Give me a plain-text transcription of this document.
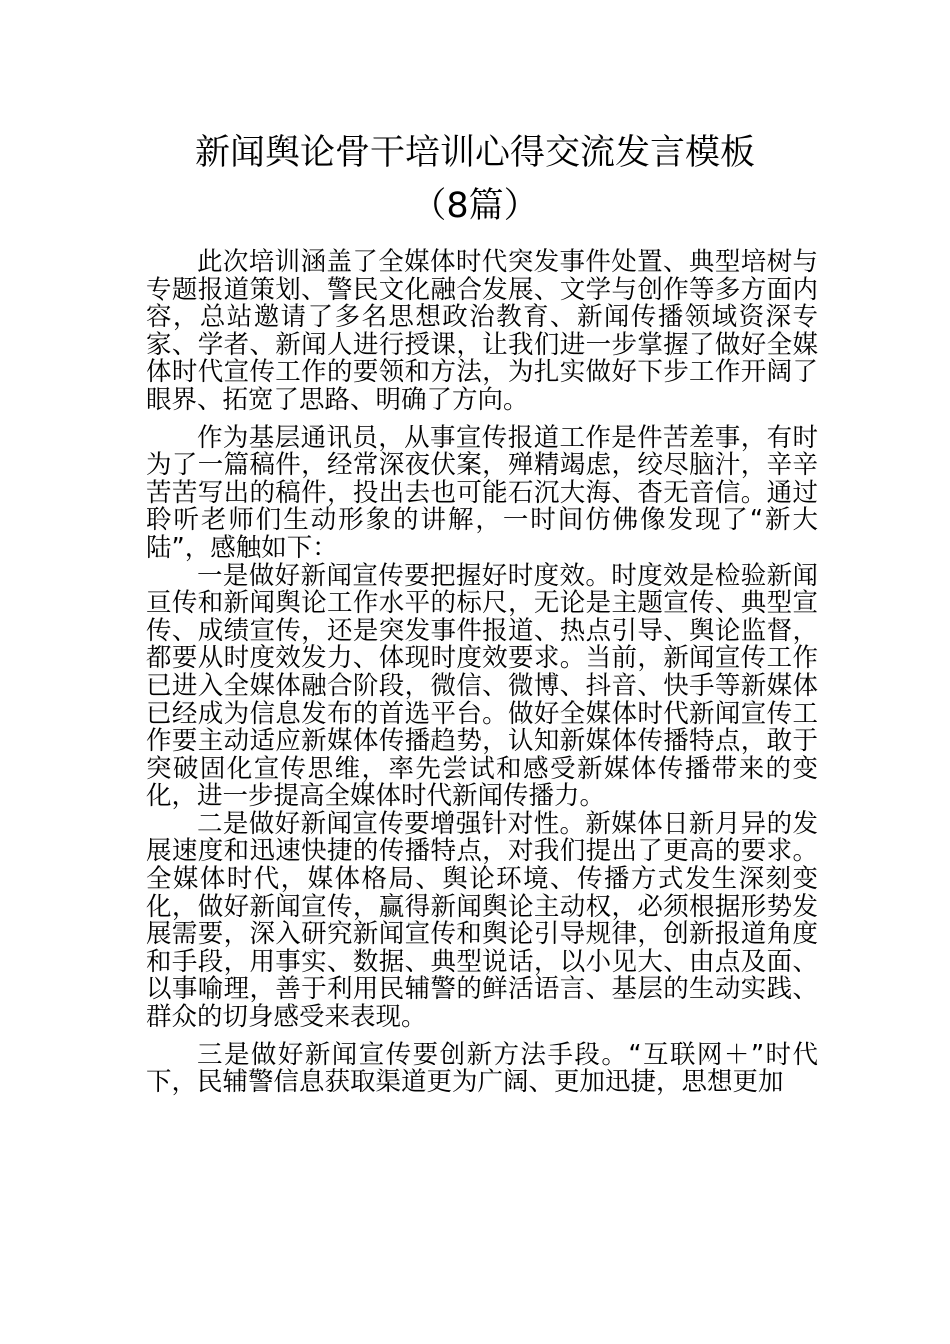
新闻舆论骨干培训心得交流发言模板
（8篇）

此次培训涵盖了全媒体时代突发事件处置、典型培树与专题报道策划、警民文化融合发展、文学与创作等多方面内容，总站邀请了多名思想政治教育、新闻传播领域资深专家、学者、新闻人进行授课，让我们进一步掌握了做好全媒体时代宣传工作的要领和方法，为扎实做好下步工作开阔了眼界、拓宽了思路、明确了方向。

作为基层通讯员，从事宣传报道工作是件苦差事，有时为了一篇稿件，经常深夜伏案，殚精竭虑，绞尽脑汁，辛辛苦苦写出的稿件，投出去也可能石沉大海、杳无音信。通过聆听老师们生动形象的讲解，一时间仿佛像发现了“新大陆”，感触如下：

一是做好新闻宣传要把握好时度效。时度效是检验新闻亘传和新闻舆论工作水平的标尺，无论是主题宣传、典型宣传、成绩宣传，还是突发事件报道、热点引导、舆论监督，都要从时度效发力、体现时度效要求。当前，新闻宣传工作已进入全媒体融合阶段，微信、微博、抖音、快手等新媒体已经成为信息发布的首选平台。做好全媒体时代新闻宣传工作要主动适应新媒体传播趋势，认知新媒体传播特点，敢于突破固化宣传思维，率先尝试和感受新媒体传播带来的变化，进一步提高全媒体时代新闻传播力。

二是做好新闻宣传要增强针对性。新媒体日新月异的发展速度和迅速快捷的传播特点，对我们提出了更高的要求。全媒体时代，媒体格局、舆论环境、传播方式发生深刻变化，做好新闻宣传，赢得新闻舆论主动权，必须根据形势发展需要，深入研究新闻宣传和舆论引导规律，创新报道角度和手段，用事实、数据、典型说话，以小见大、由点及面、以事喻理，善于利用民辅警的鲜活语言、基层的生动实践、群众的切身感受来表现。

三是做好新闻宣传要创新方法手段。“互联网＋”时代下，民辅警信息获取渠道更为广阔、更加迅捷，思想更加
